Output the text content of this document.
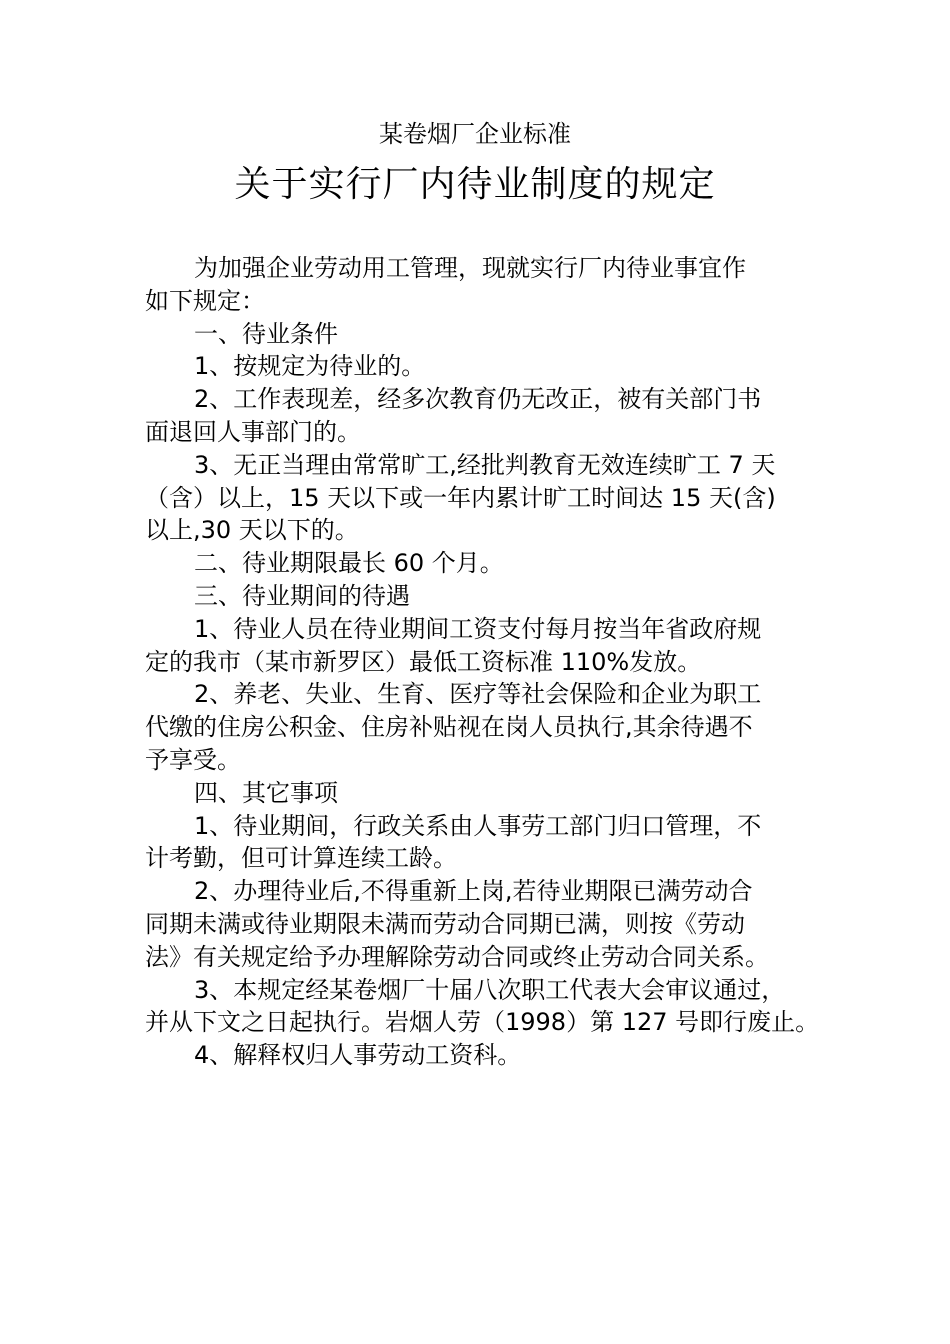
某卷烟厂企业标准
关于实行厂内待业制度的规定
为加强企业劳动用工管理，现就实行厂内待业事宜作
如下规定：
一、待业条件
1、按规定为待业的。
2、工作表现差，经多次教育仍无改正，被有关部门书
面退回人事部门的。
3、无正当理由常常旷工,经批判教育无效连续旷工 7 天
（含）以上，15 天以下或一年内累计旷工时间达 15 天(含)
以上,30 天以下的。
二、待业期限最长 60 个月。
三、待业期间的待遇
1、待业人员在待业期间工资支付每月按当年省政府规
定的我市（某市新罗区）最低工资标准 110%发放。
2、养老、失业、生育、医疗等社会保险和企业为职工
代缴的住房公积金、住房补贴视在岗人员执行,其余待遇不
予享受。
四、其它事项
1、待业期间，行政关系由人事劳工部门归口管理，不
计考勤，但可计算连续工龄。
2、办理待业后,不得重新上岗,若待业期限已满劳动合
同期未满或待业期限未满而劳动合同期已满，则按《劳动
法》有关规定给予办理解除劳动合同或终止劳动合同关系。
3、本规定经某卷烟厂十届八次职工代表大会审议通过，
并从下文之日起执行。岩烟人劳（1998）第 127 号即行废止。
4、解释权归人事劳动工资科。
